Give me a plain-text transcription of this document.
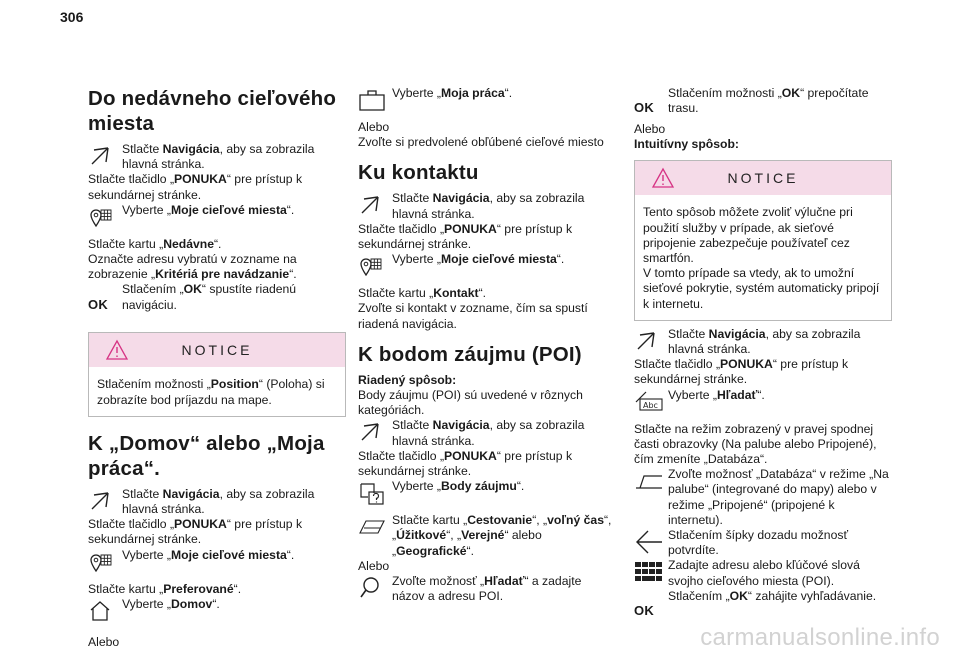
306
Do nedávneho cieľového miesta
Stlačte Navigácia, aby sa zobrazila hlavná stránka.
Stlačte tlačidlo „PONUKA“ pre prístup k sekundárnej stránke.
Vyberte „Moje cieľové miesta“.
Stlačte kartu „Nedávne“.
Označte adresu vybratú v zozname na zobrazenie „Kritériá pre navádzanie“.
OK
Stlačením „OK“ spustíte riadenú navigáciu.
NOTICE
Stlačením možnosti „Position“ (Poloha) si zobrazíte bod príjazdu na mape.
K „Domov“ alebo „Moja práca“.
Stlačte Navigácia, aby sa zobrazila hlavná stránka.
Stlačte tlačidlo „PONUKA“ pre prístup k sekundárnej stránke.
Vyberte „Moje cieľové miesta“.
Stlačte kartu „Preferované“.
Vyberte „Domov“.
Alebo
Vyberte „Moja práca“.
Alebo
Zvoľte si predvolené obľúbené cieľové miesto
Ku kontaktu
Stlačte Navigácia, aby sa zobrazila hlavná stránka.
Stlačte tlačidlo „PONUKA“ pre prístup k sekundárnej stránke.
Vyberte „Moje cieľové miesta“.
Stlačte kartu „Kontakt“.
Zvoľte si kontakt v zozname, čím sa spustí riadená navigácia.
K bodom záujmu (POI)
Riadený spôsob:
Body záujmu (POI) sú uvedené v rôznych kategóriách.
Stlačte Navigácia, aby sa zobrazila hlavná stránka.
Stlačte tlačidlo „PONUKA“ pre prístup k sekundárnej stránke.
Vyberte „Body záujmu“.
Stlačte kartu „Cestovanie“, „voľný čas“, „Úžitkové“, „Verejné“ alebo „Geografické“.
Alebo
Zvoľte možnosť „Hľadať“ a zadajte názov a adresu POI.
OK
Stlačením možnosti „OK“ prepočítate trasu.
Alebo
Intuitívny spôsob:
NOTICE
Tento spôsob môžete zvoliť výlučne pri použití služby v prípade, ak sieťové pripojenie zabezpečuje používateľ cez smartfón.
V tomto prípade sa vtedy, ak to umožní sieťové pokrytie, systém automaticky pripojí k internetu.
Stlačte Navigácia, aby sa zobrazila hlavná stránka.
Stlačte tlačidlo „PONUKA“ pre prístup k sekundárnej stránke.
Abc
Vyberte „Hľadať“.
Stlačte na režim zobrazený v pravej spodnej časti obrazovky (Na palube alebo Pripojené), čím zmeníte „Databáza“.
Zvoľte možnosť „Databáza“ v režime „Na palube“ (integrované do mapy) alebo v režime „Pripojené“ (pripojené k internetu).
Stlačením šípky dozadu možnosť potvrdíte.
Zadajte adresu alebo kľúčové slová svojho cieľového miesta (POI).
OK
Stlačením „OK“ zahájite vyhľadávanie.
carmanualsonline.info
